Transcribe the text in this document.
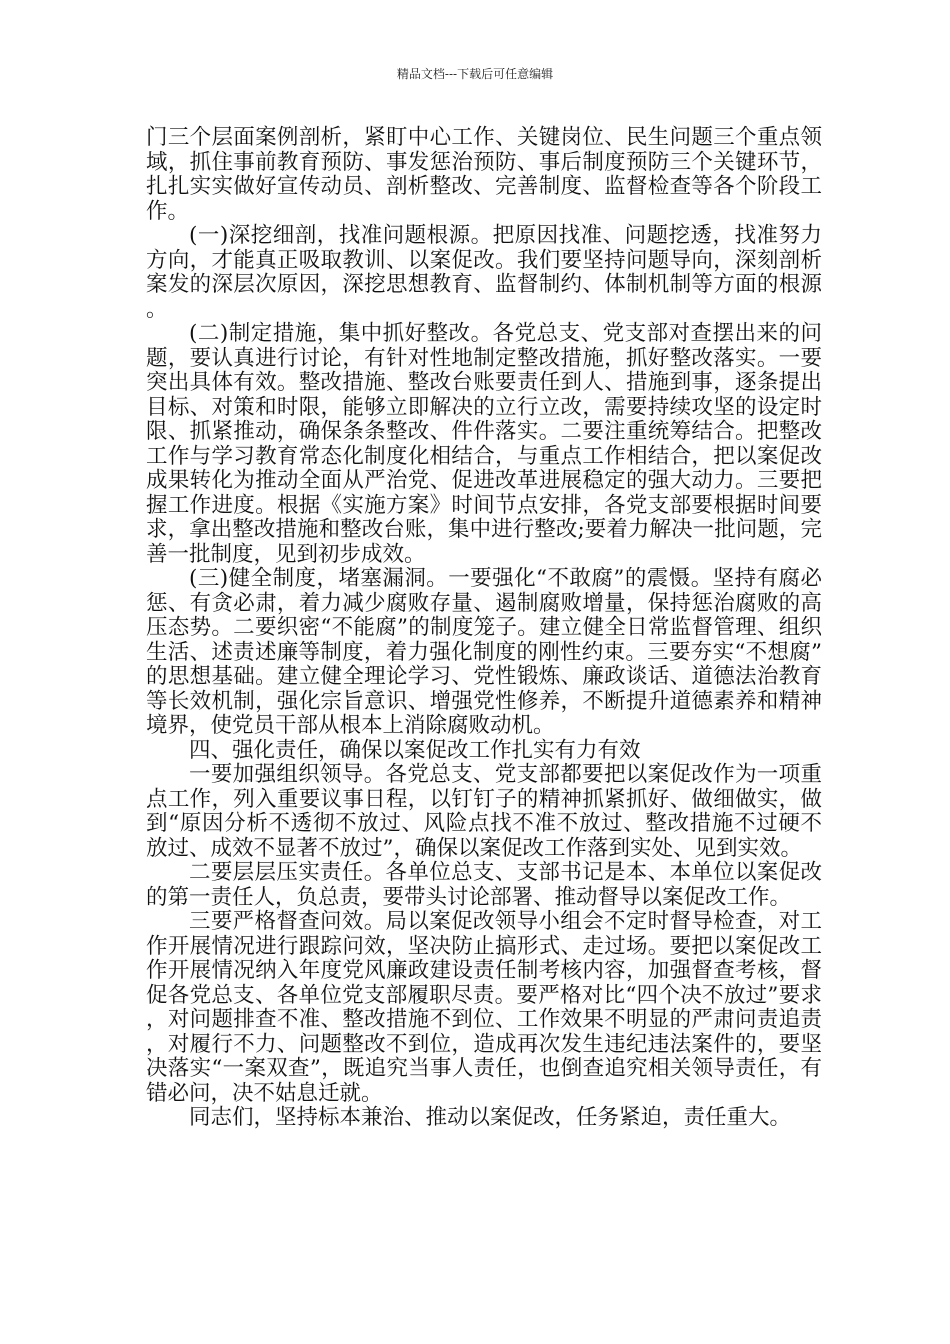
精品文档---下载后可任意编辑

门三个层面案例剖析，紧盯中心工作、关键岗位、民生问题三个重点领域，抓住事前教育预防、事发惩治预防、事后制度预防三个关键环节，扎扎实实做好宣传动员、剖析整改、完善制度、监督检查等各个阶段工作。

(一)深挖细剖，找准问题根源。把原因找准、问题挖透，找准努力方向，才能真正吸取教训、以案促改。我们要坚持问题导向，深刻剖析案发的深层次原因，深挖思想教育、监督制约、体制机制等方面的根源。

(二)制定措施，集中抓好整改。各党总支、党支部对查摆出来的问题，要认真进行讨论，有针对性地制定整改措施，抓好整改落实。一要突出具体有效。整改措施、整改台账要责任到人、措施到事，逐条提出目标、对策和时限，能够立即解决的立行立改，需要持续攻坚的设定时限、抓紧推动，确保条条整改、件件落实。二要注重统筹结合。把整改工作与学习教育常态化制度化相结合，与重点工作相结合，把以案促改成果转化为推动全面从严治党、促进改革进展稳定的强大动力。三要把握工作进度。根据《实施方案》时间节点安排，各党支部要根据时间要求，拿出整改措施和整改台账，集中进行整改;要着力解决一批问题，完善一批制度，见到初步成效。

(三)健全制度，堵塞漏洞。一要强化“不敢腐”的震慑。坚持有腐必惩、有贪必肃，着力减少腐败存量、遏制腐败增量，保持惩治腐败的高压态势。二要织密“不能腐”的制度笼子。建立健全日常监督管理、组织生活、述责述廉等制度，着力强化制度的刚性约束。三要夯实“不想腐”的思想基础。建立健全理论学习、党性锻炼、廉政谈话、道德法治教育等长效机制，强化宗旨意识、增强党性修养，不断提升道德素养和精神境界，使党员干部从根本上消除腐败动机。

四、强化责任，确保以案促改工作扎实有力有效

一要加强组织领导。各党总支、党支部都要把以案促改作为一项重点工作，列入重要议事日程，以钉钉子的精神抓紧抓好、做细做实，做到“原因分析不透彻不放过、风险点找不准不放过、整改措施不过硬不放过、成效不显著不放过”，确保以案促改工作落到实处、见到实效。

二要层层压实责任。各单位总支、支部书记是本、本单位以案促改的第一责任人，负总责，要带头讨论部署、推动督导以案促改工作。

三要严格督查问效。局以案促改领导小组会不定时督导检查，对工作开展情况进行跟踪问效，坚决防止搞形式、走过场。要把以案促改工作开展情况纳入年度党风廉政建设责任制考核内容，加强督查考核，督促各党总支、各单位党支部履职尽责。要严格对比“四个决不放过”要求，对问题排查不准、整改措施不到位、工作效果不明显的严肃问责追责，对履行不力、问题整改不到位，造成再次发生违纪违法案件的，要坚决落实“一案双查”，既追究当事人责任，也倒查追究相关领导责任，有错必问，决不姑息迁就。

同志们，坚持标本兼治、推动以案促改，任务紧迫，责任重大。
